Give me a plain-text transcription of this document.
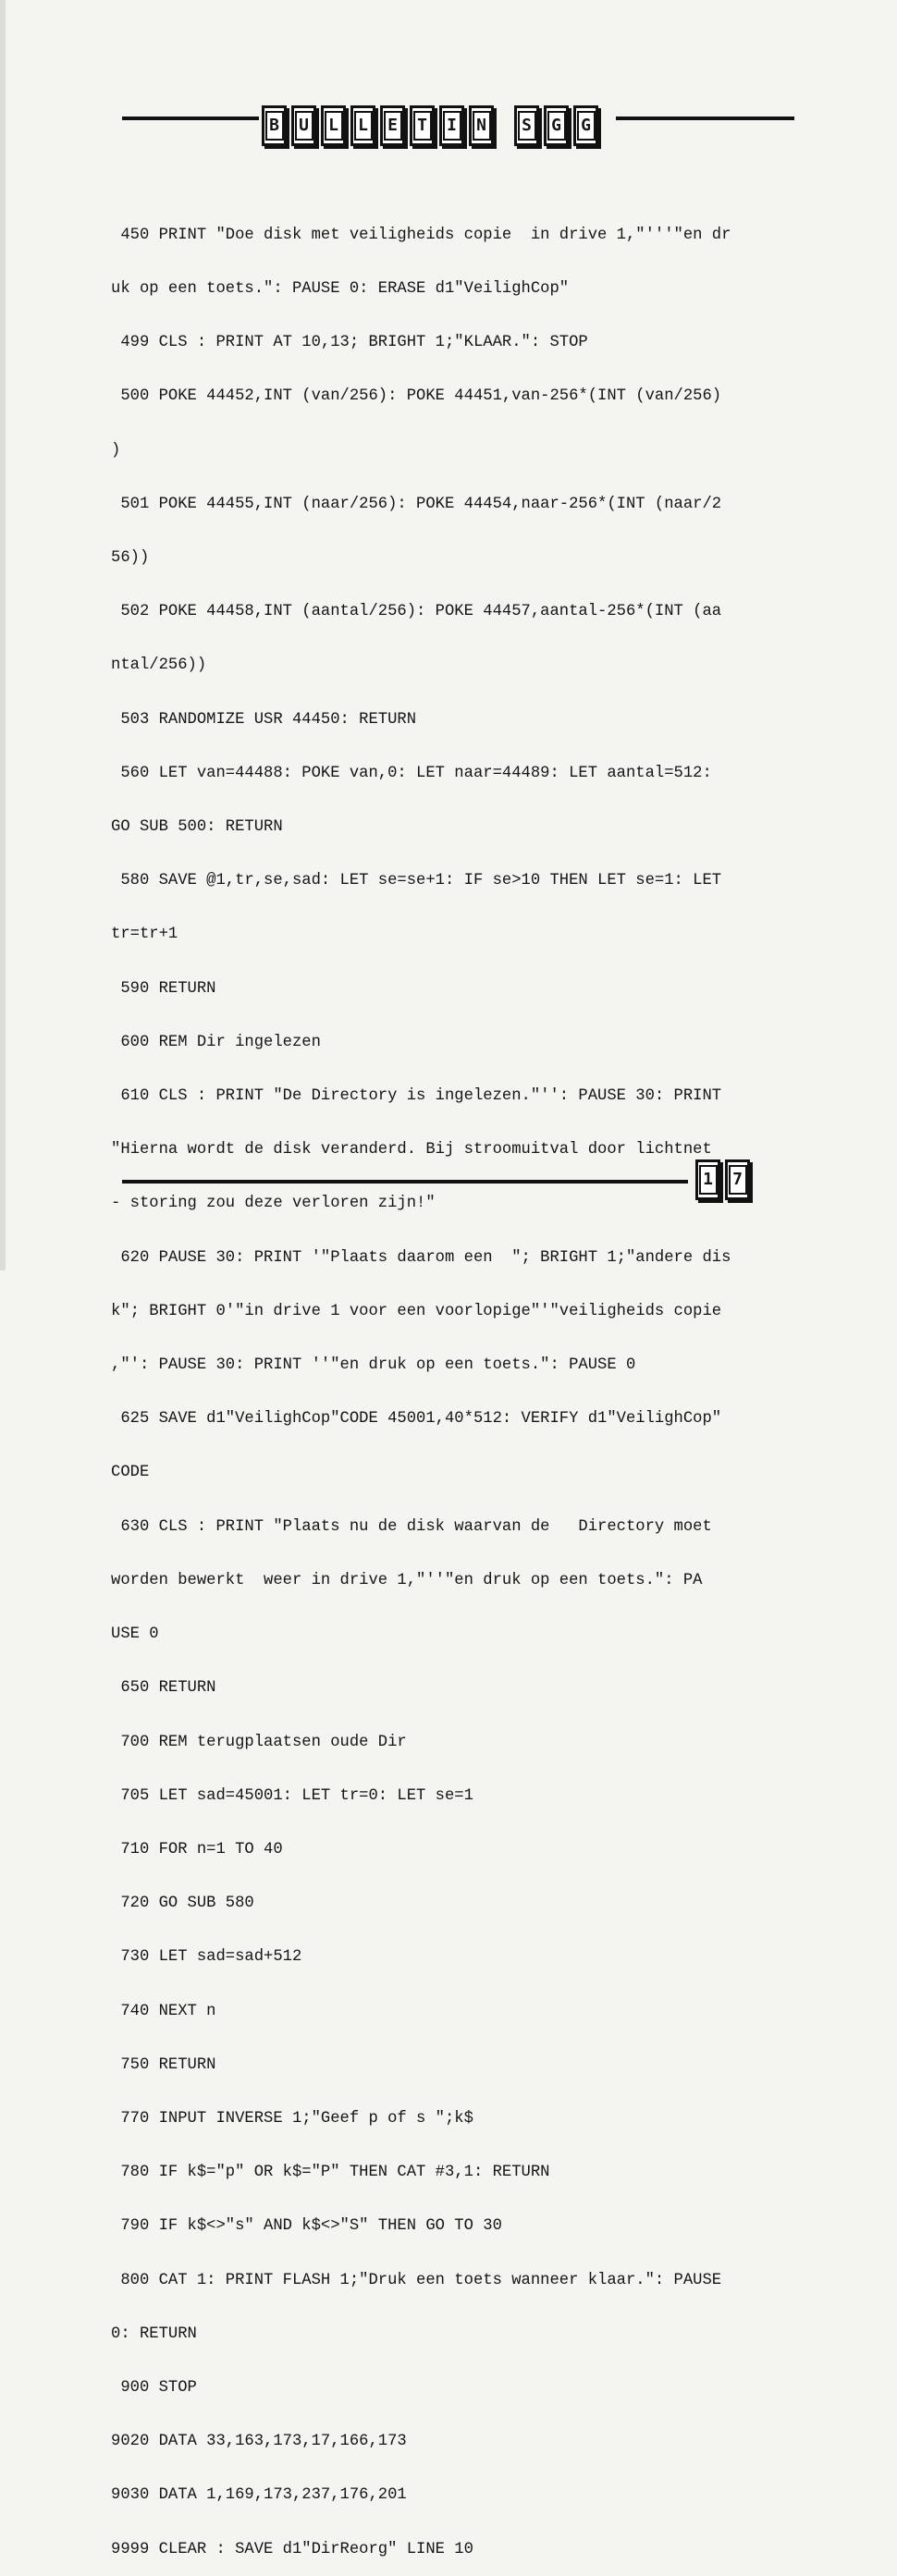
B U L L E T I N S G G

450 PRINT "Doe disk met veiligheids copie  in drive 1,"'''"en dr

uk op een toets.": PAUSE 0: ERASE d1"VeilighCop"

499 CLS : PRINT AT 10,13; BRIGHT 1;"KLAAR.": STOP

500 POKE 44452,INT (van/256): POKE 44451,van-256*(INT (van/256)

)

501 POKE 44455,INT (naar/256): POKE 44454,naar-256*(INT (naar/2

56))

502 POKE 44458,INT (aantal/256): POKE 44457,aantal-256*(INT (aa

ntal/256))

503 RANDOMIZE USR 44450: RETURN

560 LET van=44488: POKE van,0: LET naar=44489: LET aantal=512:

GO SUB 500: RETURN

580 SAVE @1,tr,se,sad: LET se=se+1: IF se>10 THEN LET se=1: LET

tr=tr+1

590 RETURN

600 REM Dir ingelezen

610 CLS : PRINT "De Directory is ingelezen."'': PAUSE 30: PRINT

"Hierna wordt de disk veranderd. Bij stroomuitval door lichtnet

- storing zou deze verloren zijn!"

620 PAUSE 30: PRINT '"Plaats daarom een  "; BRIGHT 1;"andere dis

k"; BRIGHT 0'"in drive 1 voor een voorlopige"'"veiligheids copie

,"': PAUSE 30: PRINT ''"en druk op een toets.": PAUSE 0

625 SAVE d1"VeilighCop"CODE 45001,40*512: VERIFY d1"VeilighCop"

CODE

630 CLS : PRINT "Plaats nu de disk waarvan de   Directory moet

worden bewerkt  weer in drive 1,"''"en druk op een toets.": PA

USE 0

650 RETURN

700 REM terugplaatsen oude Dir

705 LET sad=45001: LET tr=0: LET se=1

710 FOR n=1 TO 40

720 GO SUB 580

730 LET sad=sad+512

740 NEXT n

750 RETURN

770 INPUT INVERSE 1;"Geef p of s ";k$

780 IF k$="p" OR k$="P" THEN CAT #3,1: RETURN

790 IF k$<>"s" AND k$<>"S" THEN GO TO 30

800 CAT 1: PRINT FLASH 1;"Druk een toets wanneer klaar.": PAUSE

0: RETURN

900 STOP

9020 DATA 33,163,173,17,166,173

9030 DATA 1,169,173,237,176,201

9999 CLEAR : SAVE d1"DirReorg" LINE 10

1 7
